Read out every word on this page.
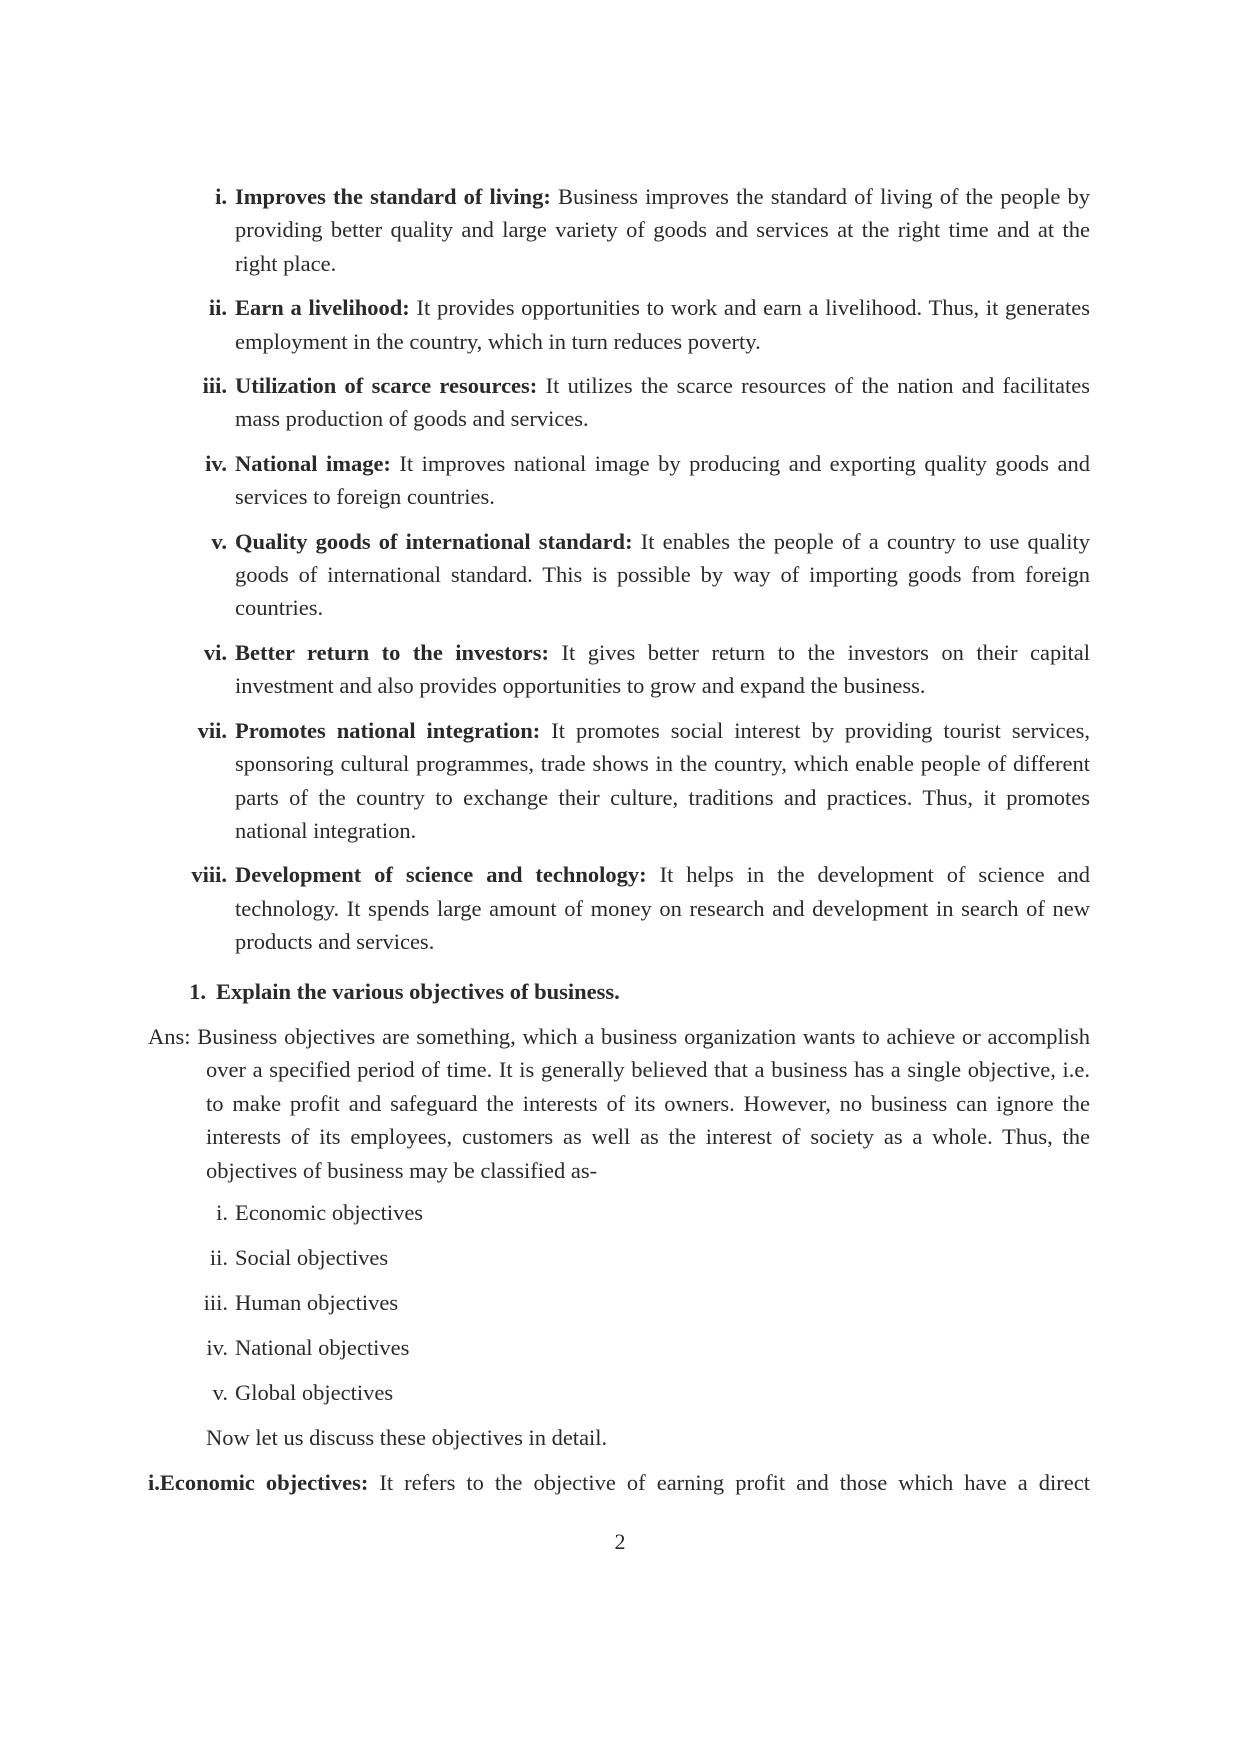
i. Improves the standard of living: Business improves the standard of living of the people by providing better quality and large variety of goods and services at the right time and at the right place.
ii. Earn a livelihood: It provides opportunities to work and earn a livelihood. Thus, it generates employment in the country, which in turn reduces poverty.
iii. Utilization of scarce resources: It utilizes the scarce resources of the nation and facilitates mass production of goods and services.
iv. National image: It improves national image by producing and exporting quality goods and services to foreign countries.
v. Quality goods of international standard: It enables the people of a country to use quality goods of international standard. This is possible by way of importing goods from foreign countries.
vi. Better return to the investors: It gives better return to the investors on their capital investment and also provides opportunities to grow and expand the business.
vii. Promotes national integration: It promotes social interest by providing tourist services, sponsoring cultural programmes, trade shows in the country, which enable people of different parts of the country to exchange their culture, traditions and practices. Thus, it promotes national integration.
viii. Development of science and technology: It helps in the development of science and technology. It spends large amount of money on research and development in search of new products and services.
1. Explain the various objectives of business.
Ans: Business objectives are something, which a business organization wants to achieve or accomplish over a specified period of time. It is generally believed that a business has a single objective, i.e. to make profit and safeguard the interests of its owners. However, no business can ignore the interests of its employees, customers as well as the interest of society as a whole. Thus, the objectives of business may be classified as-
i. Economic objectives
ii. Social objectives
iii. Human objectives
iv. National objectives
v. Global objectives
Now let us discuss these objectives in detail.
i.Economic objectives: It refers to the objective of earning profit and those which have a direct
2
